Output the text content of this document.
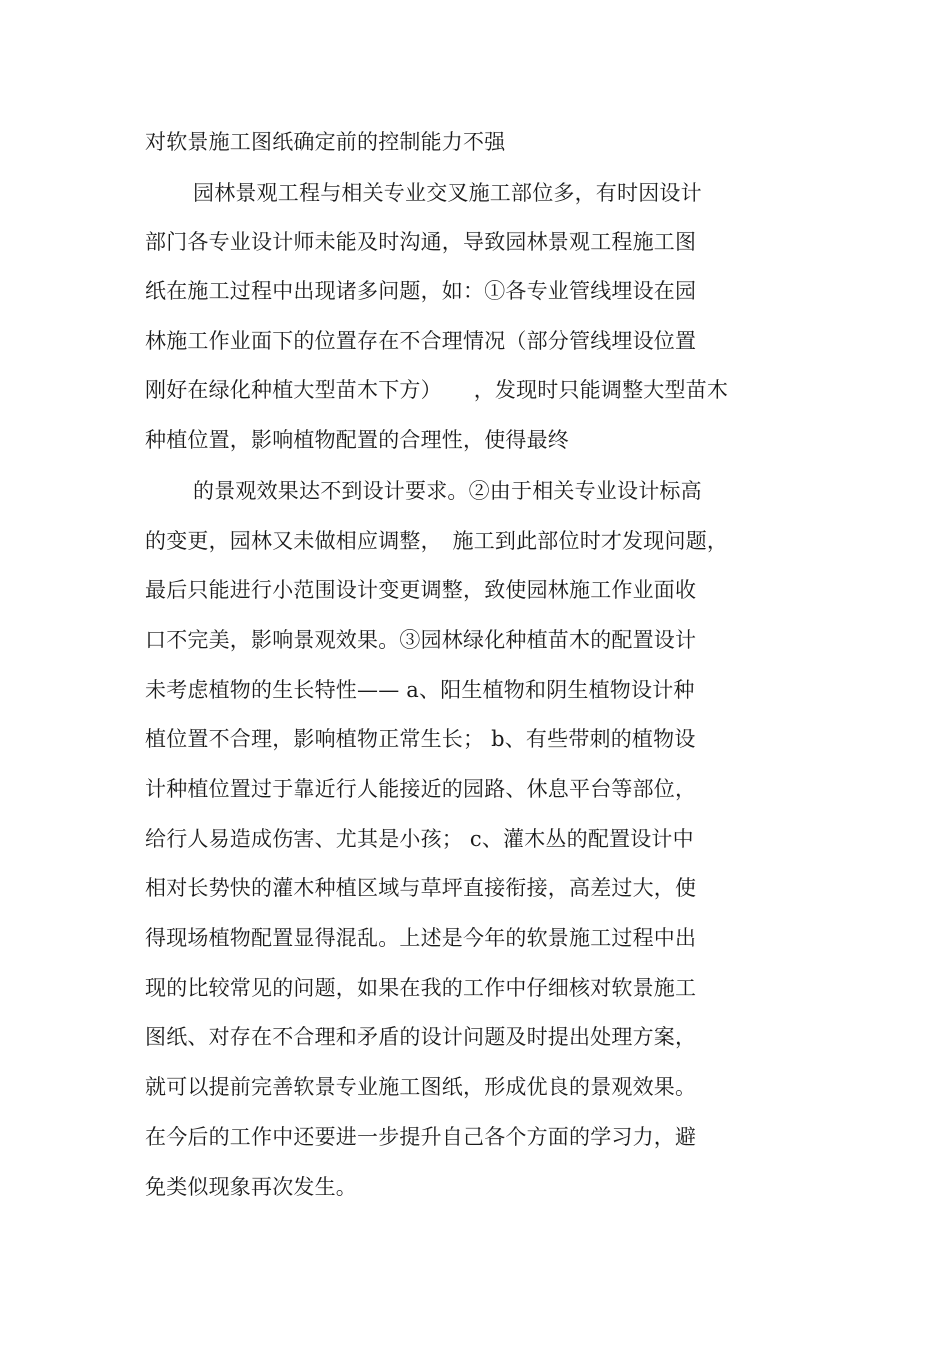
对软景施工图纸确定前的控制能力不强
园林景观工程与相关专业交叉施工部位多，有时因设计
部门各专业设计师未能及时沟通，导致园林景观工程施工图
纸在施工过程中出现诸多问题，如：①各专业管线埋设在园
林施工作业面下的位置存在不合理情况（部分管线埋设位置
刚好在绿化种植大型苗木下方）　　，发现时只能调整大型苗木
种植位置，影响植物配置的合理性，使得最终
的景观效果达不到设计要求。②由于相关专业设计标高
的变更，园林又未做相应调整，　施工到此部位时才发现问题，
最后只能进行小范围设计变更调整，致使园林施工作业面收
口不完美，影响景观效果。③园林绿化种植苗木的配置设计
未考虑植物的生长特性—— a、阳生植物和阴生植物设计种
植位置不合理，影响植物正常生长； b、有些带刺的植物设
计种植位置过于靠近行人能接近的园路、休息平台等部位，
给行人易造成伤害、尤其是小孩； c、灌木丛的配置设计中
相对长势快的灌木种植区域与草坪直接衔接，高差过大，使
得现场植物配置显得混乱。上述是今年的软景施工过程中出
现的比较常见的问题，如果在我的工作中仔细核对软景施工
图纸、对存在不合理和矛盾的设计问题及时提出处理方案，
就可以提前完善软景专业施工图纸，形成优良的景观效果。
在今后的工作中还要进一步提升自己各个方面的学习力，避
免类似现象再次发生。
